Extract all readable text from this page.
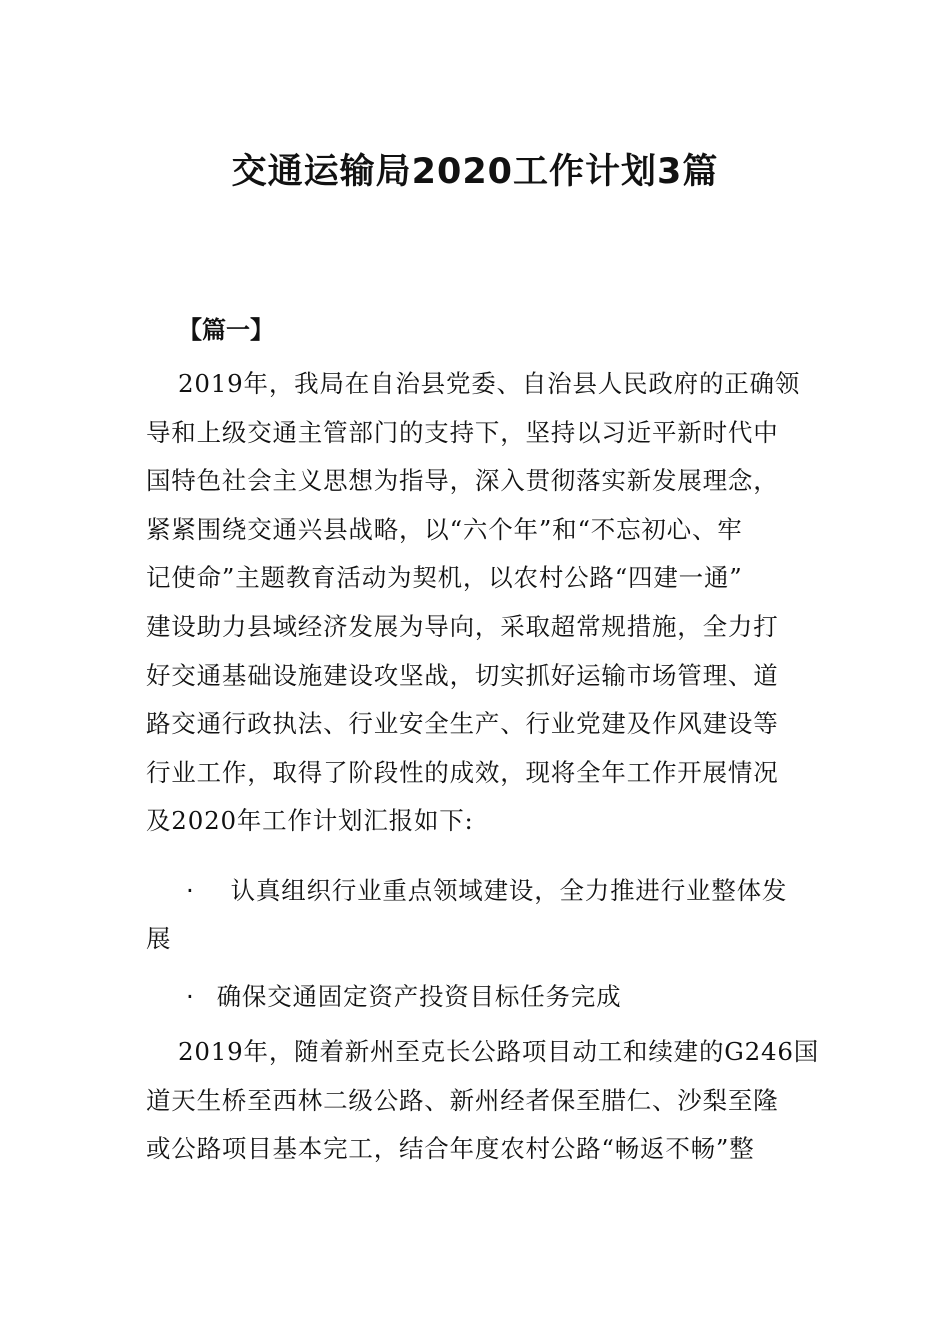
交通运输局2020工作计划3篇
【篇一】
2019年，我局在自治县党委、自治县人民政府的正确领
导和上级交通主管部门的支持下，坚持以习近平新时代中
国特色社会主义思想为指导，深入贯彻落实新发展理念，
紧紧围绕交通兴县战略，以“六个年”和“不忘初心、牢
记使命”主题教育活动为契机，以农村公路“四建一通”
建设助力县域经济发展为导向，采取超常规措施，全力打
好交通基础设施建设攻坚战，切实抓好运输市场管理、道
路交通行政执法、行业安全生产、行业党建及作风建设等
行业工作，取得了阶段性的成效，现将全年工作开展情况
及2020年工作计划汇报如下:
· 认真组织行业重点领域建设，全力推进行业整体发
展
· 确保交通固定资产投资目标任务完成
2019年，随着新州至克长公路项目动工和续建的G246国
道天生桥至西林二级公路、新州经者保至腊仁、沙梨至隆
或公路项目基本完工，结合年度农村公路“畅返不畅”整
